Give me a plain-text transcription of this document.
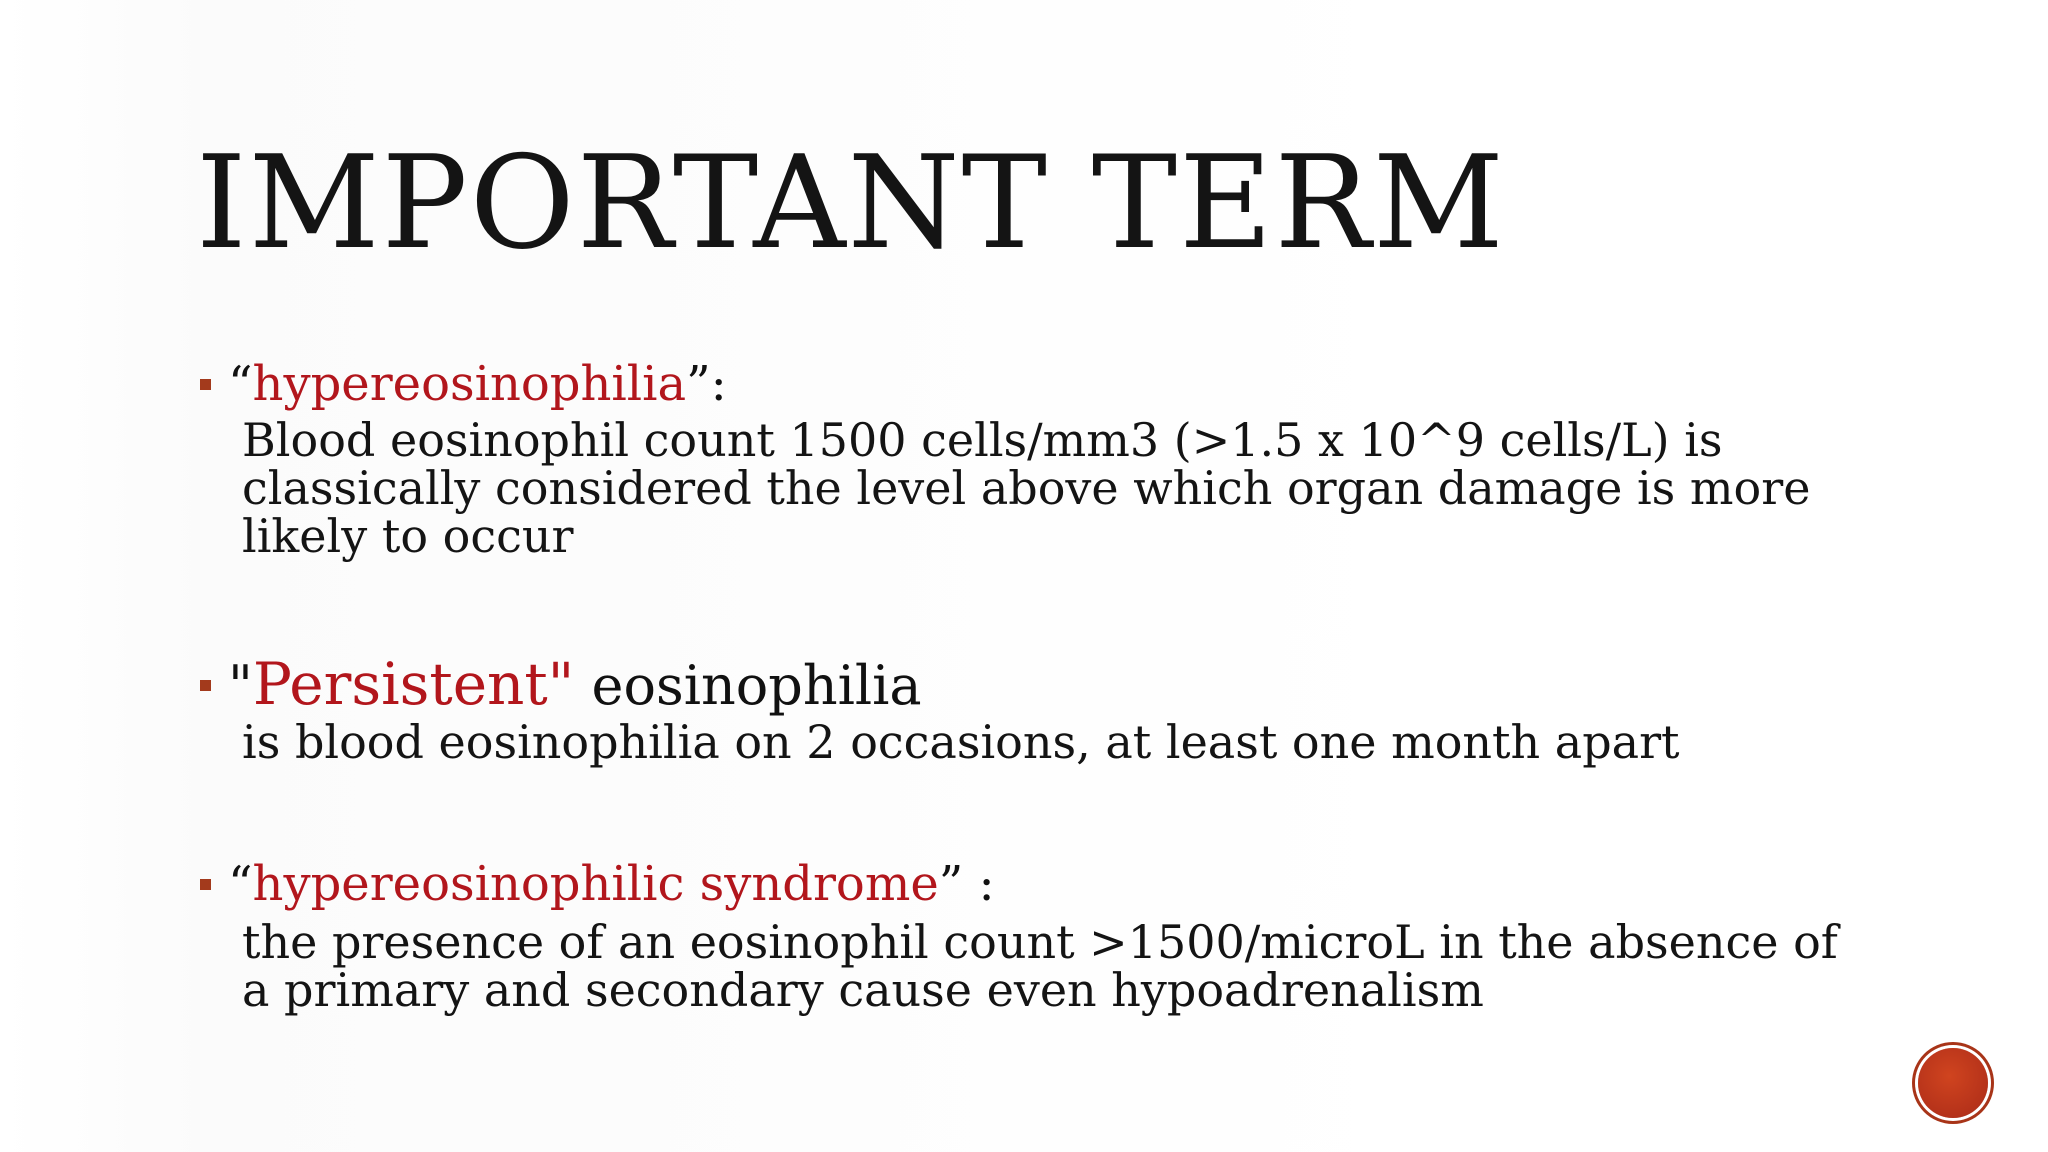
IMPORTANT TERM
“hypereosinophilia”:
Blood eosinophil count 1500 cells/mm3 (>1.5 x 10^9 cells/L) is
classically considered the level above which organ damage is more
likely to occur
"Persistent" eosinophilia
is blood eosinophilia on 2 occasions, at least one month apart
“hypereosinophilic syndrome” :
the presence of an eosinophil count >1500/microL in the absence of
a primary and secondary cause even hypoadrenalism
